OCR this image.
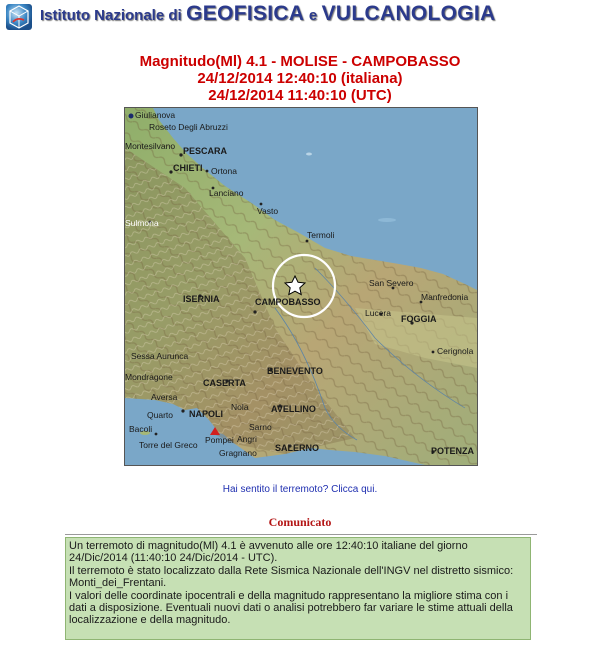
Istituto Nazionale di GEOFISICA e VULCANOLOGIA
Magnitudo(Ml) 4.1 - MOLISE - CAMPOBASSO
24/12/2014 12:40:10 (italiana)
24/12/2014 11:40:10 (UTC)
Giulianova
Roseto Degli Abruzzi
Montesilvano PESCARA
CHIETI Ortona
Lanciano
Vasto
Sulmona
Termoli
San Severo
Manfredonia
ISERNIA	CAMPOBASSO
Lucera
FOGGIA
Cerignola
Sessa Aurunca
Mondragone
CASERTA
BENEVENTO
Aversa
Nola
Quarto NAPOLI	AVELLINO
Bacoli	Sarno
Torre del Greco Pompei Angri
Gragnano SALERNO	POTENZA
Hai sentito il terremoto? Clicca qui.
Comunicato

Un terremoto di magnitudo(Ml) 4.1 è avvenuto alle ore 12:40:10 italiane del giorno 24/Dic/2014 (11:40:10 24/Dic/2014 - UTC).

Il terremoto è stato localizzato dalla Rete Sismica Nazionale dell'INGV nel distretto sismico: Monti_dei_Frentani.

I valori delle coordinate ipocentrali e della magnitudo rappresentano la migliore stima con i dati a disposizione. Eventuali nuovi dati o analisi potrebbero far variare le stime attuali della localizzazione e della magnitudo.
